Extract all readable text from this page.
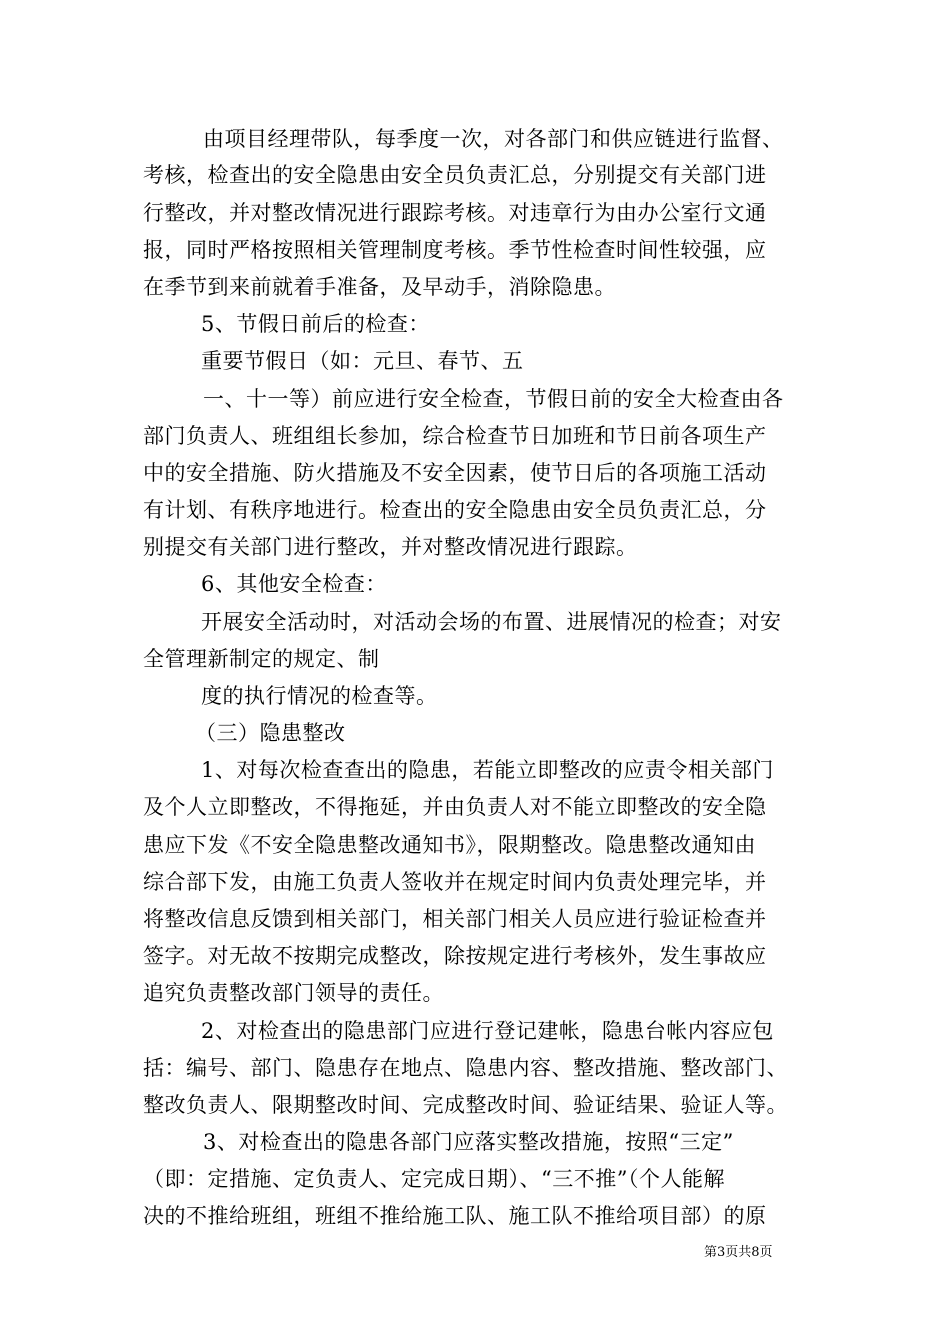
由项目经理带队，每季度一次，对各部门和供应链进行监督、
考核，检查出的安全隐患由安全员负责汇总，分别提交有关部门进
行整改，并对整改情况进行跟踪考核。对违章行为由办公室行文通
报，同时严格按照相关管理制度考核。季节性检查时间性较强，应
在季节到来前就着手准备，及早动手，消除隐患。
5、节假日前后的检查：
重要节假日（如：元旦、春节、五
一、十一等）前应进行安全检查，节假日前的安全大检查由各
部门负责人、班组组长参加，综合检查节日加班和节日前各项生产
中的安全措施、防火措施及不安全因素，使节日后的各项施工活动
有计划、有秩序地进行。检查出的安全隐患由安全员负责汇总，分
别提交有关部门进行整改，并对整改情况进行跟踪。
6、其他安全检查：
开展安全活动时，对活动会场的布置、进展情况的检查；对安
全管理新制定的规定、制
度的执行情况的检查等。
（三）隐患整改
1、对每次检查查出的隐患，若能立即整改的应责令相关部门
及个人立即整改，不得拖延，并由负责人对不能立即整改的安全隐
患应下发《不安全隐患整改通知书》，限期整改。隐患整改通知由
综合部下发，由施工负责人签收并在规定时间内负责处理完毕，并
将整改信息反馈到相关部门，相关部门相关人员应进行验证检查并
签字。对无故不按期完成整改，除按规定进行考核外，发生事故应
追究负责整改部门领导的责任。
2、对检查出的隐患部门应进行登记建帐，隐患台帐内容应包
括：编号、部门、隐患存在地点、隐患内容、整改措施、整改部门、
整改负责人、限期整改时间、完成整改时间、验证结果、验证人等。
3、对检查出的隐患各部门应落实整改措施，按照“三定”
（即：定措施、定负责人、定完成日期）、“三不推”（个人能解
决的不推给班组，班组不推给施工队、施工队不推给项目部）的原
第3页共8页
